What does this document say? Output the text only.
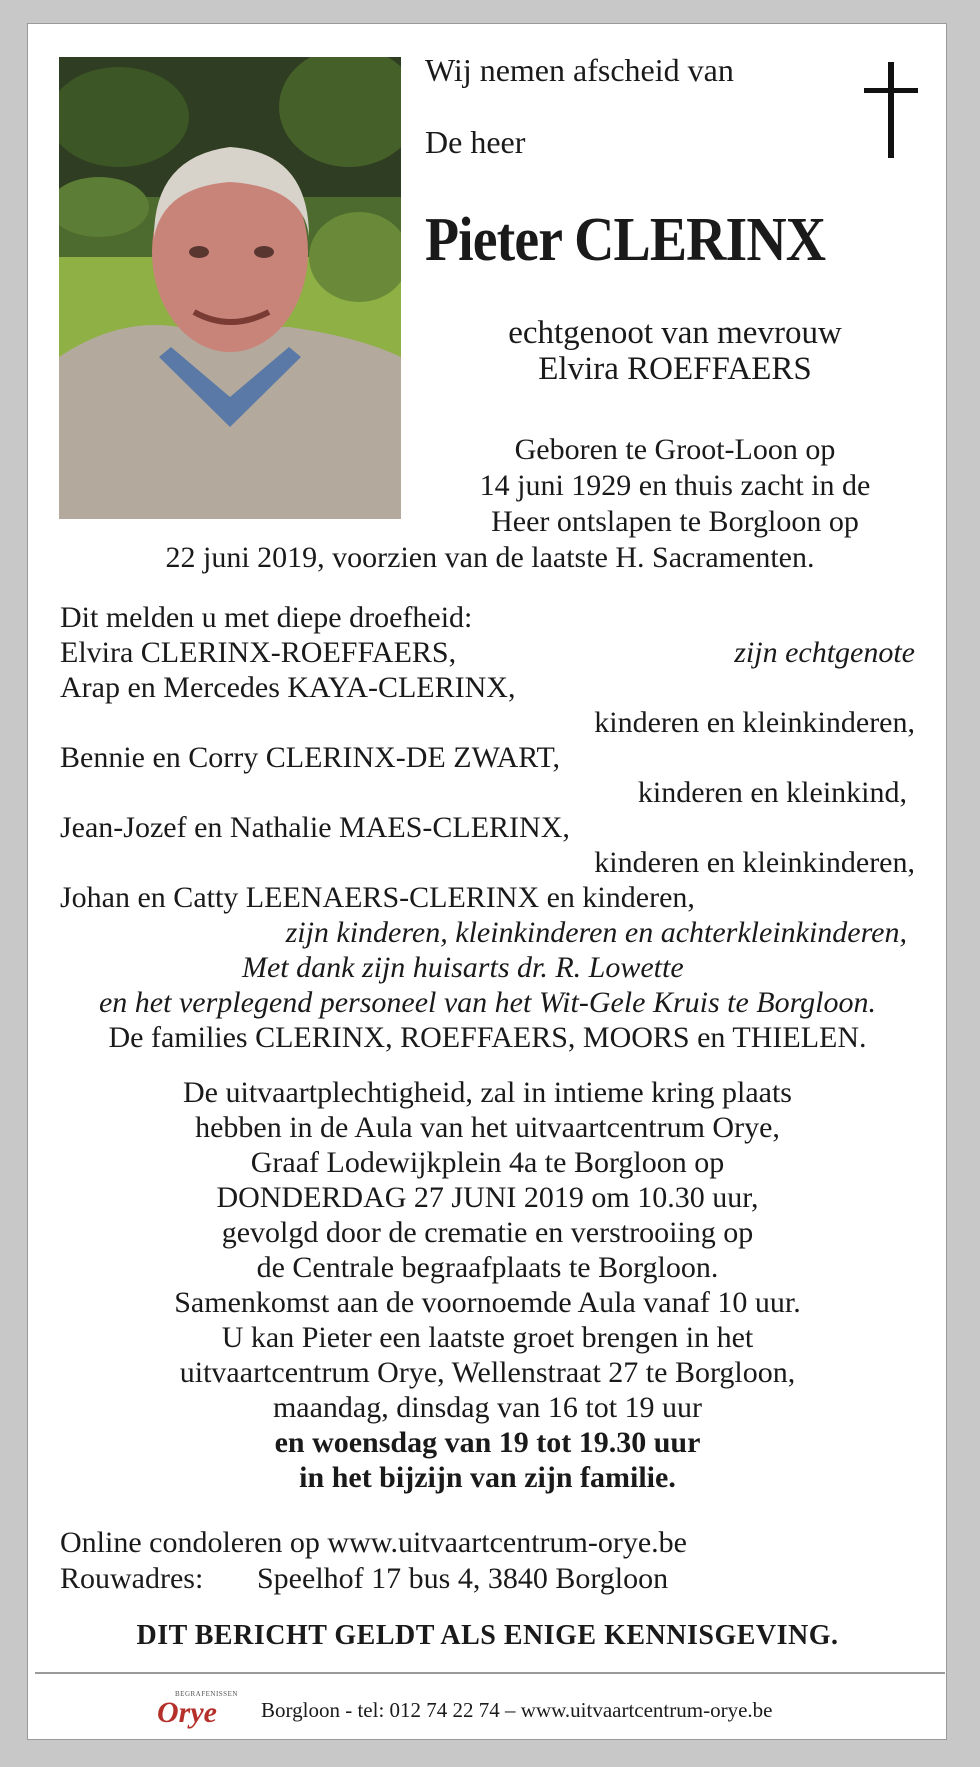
Wij nemen afscheid van
De heer
Pieter CLERINX
echtgenoot van mevrouw
Elvira ROEFFAERS
Geboren te Groot-Loon op
14 juni 1929 en thuis zacht in de
Heer ontslapen te Borgloon op
22 juni 2019, voorzien van de laatste H. Sacramenten.
Dit melden u met diepe droefheid:
Elvira CLERINX-ROEFFAERS,	zijn echtgenote
Arap en Mercedes KAYA-CLERINX,
kinderen en kleinkinderen,
Bennie en Corry CLERINX-DE ZWART,
kinderen en kleinkind,
Jean-Jozef en Nathalie MAES-CLERINX,
kinderen en kleinkinderen,
Johan en Catty LEENAERS-CLERINX en kinderen,
zijn kinderen, kleinkinderen en achterkleinkinderen,
Met dank zijn huisarts dr. R. Lowette
en het verplegend personeel van het Wit-Gele Kruis te Borgloon.
De families CLERINX, ROEFFAERS, MOORS en THIELEN.
De uitvaartplechtigheid, zal in intieme kring plaats
hebben in de Aula van het uitvaartcentrum Orye,
Graaf Lodewijkplein 4a te Borgloon op
DONDERDAG 27 JUNI 2019 om 10.30 uur,
gevolgd door de crematie en verstrooiing op
de Centrale begraafplaats te Borgloon.
Samenkomst aan de voornoemde Aula vanaf 10 uur.
U kan Pieter een laatste groet brengen in het
uitvaartcentrum Orye, Wellenstraat 27 te Borgloon,
maandag, dinsdag van 16 tot 19 uur
en woensdag van 19 tot 19.30 uur
in het bijzijn van zijn familie.
Online condoleren op www.uitvaartcentrum-orye.be
Rouwadres: Speelhof 17 bus 4, 3840 Borgloon
DIT BERICHT GELDT ALS ENIGE KENNISGEVING.
BEGRAFENISSEN
Orye Borgloon - tel: 012 74 22 74 – www.uitvaartcentrum-orye.be
